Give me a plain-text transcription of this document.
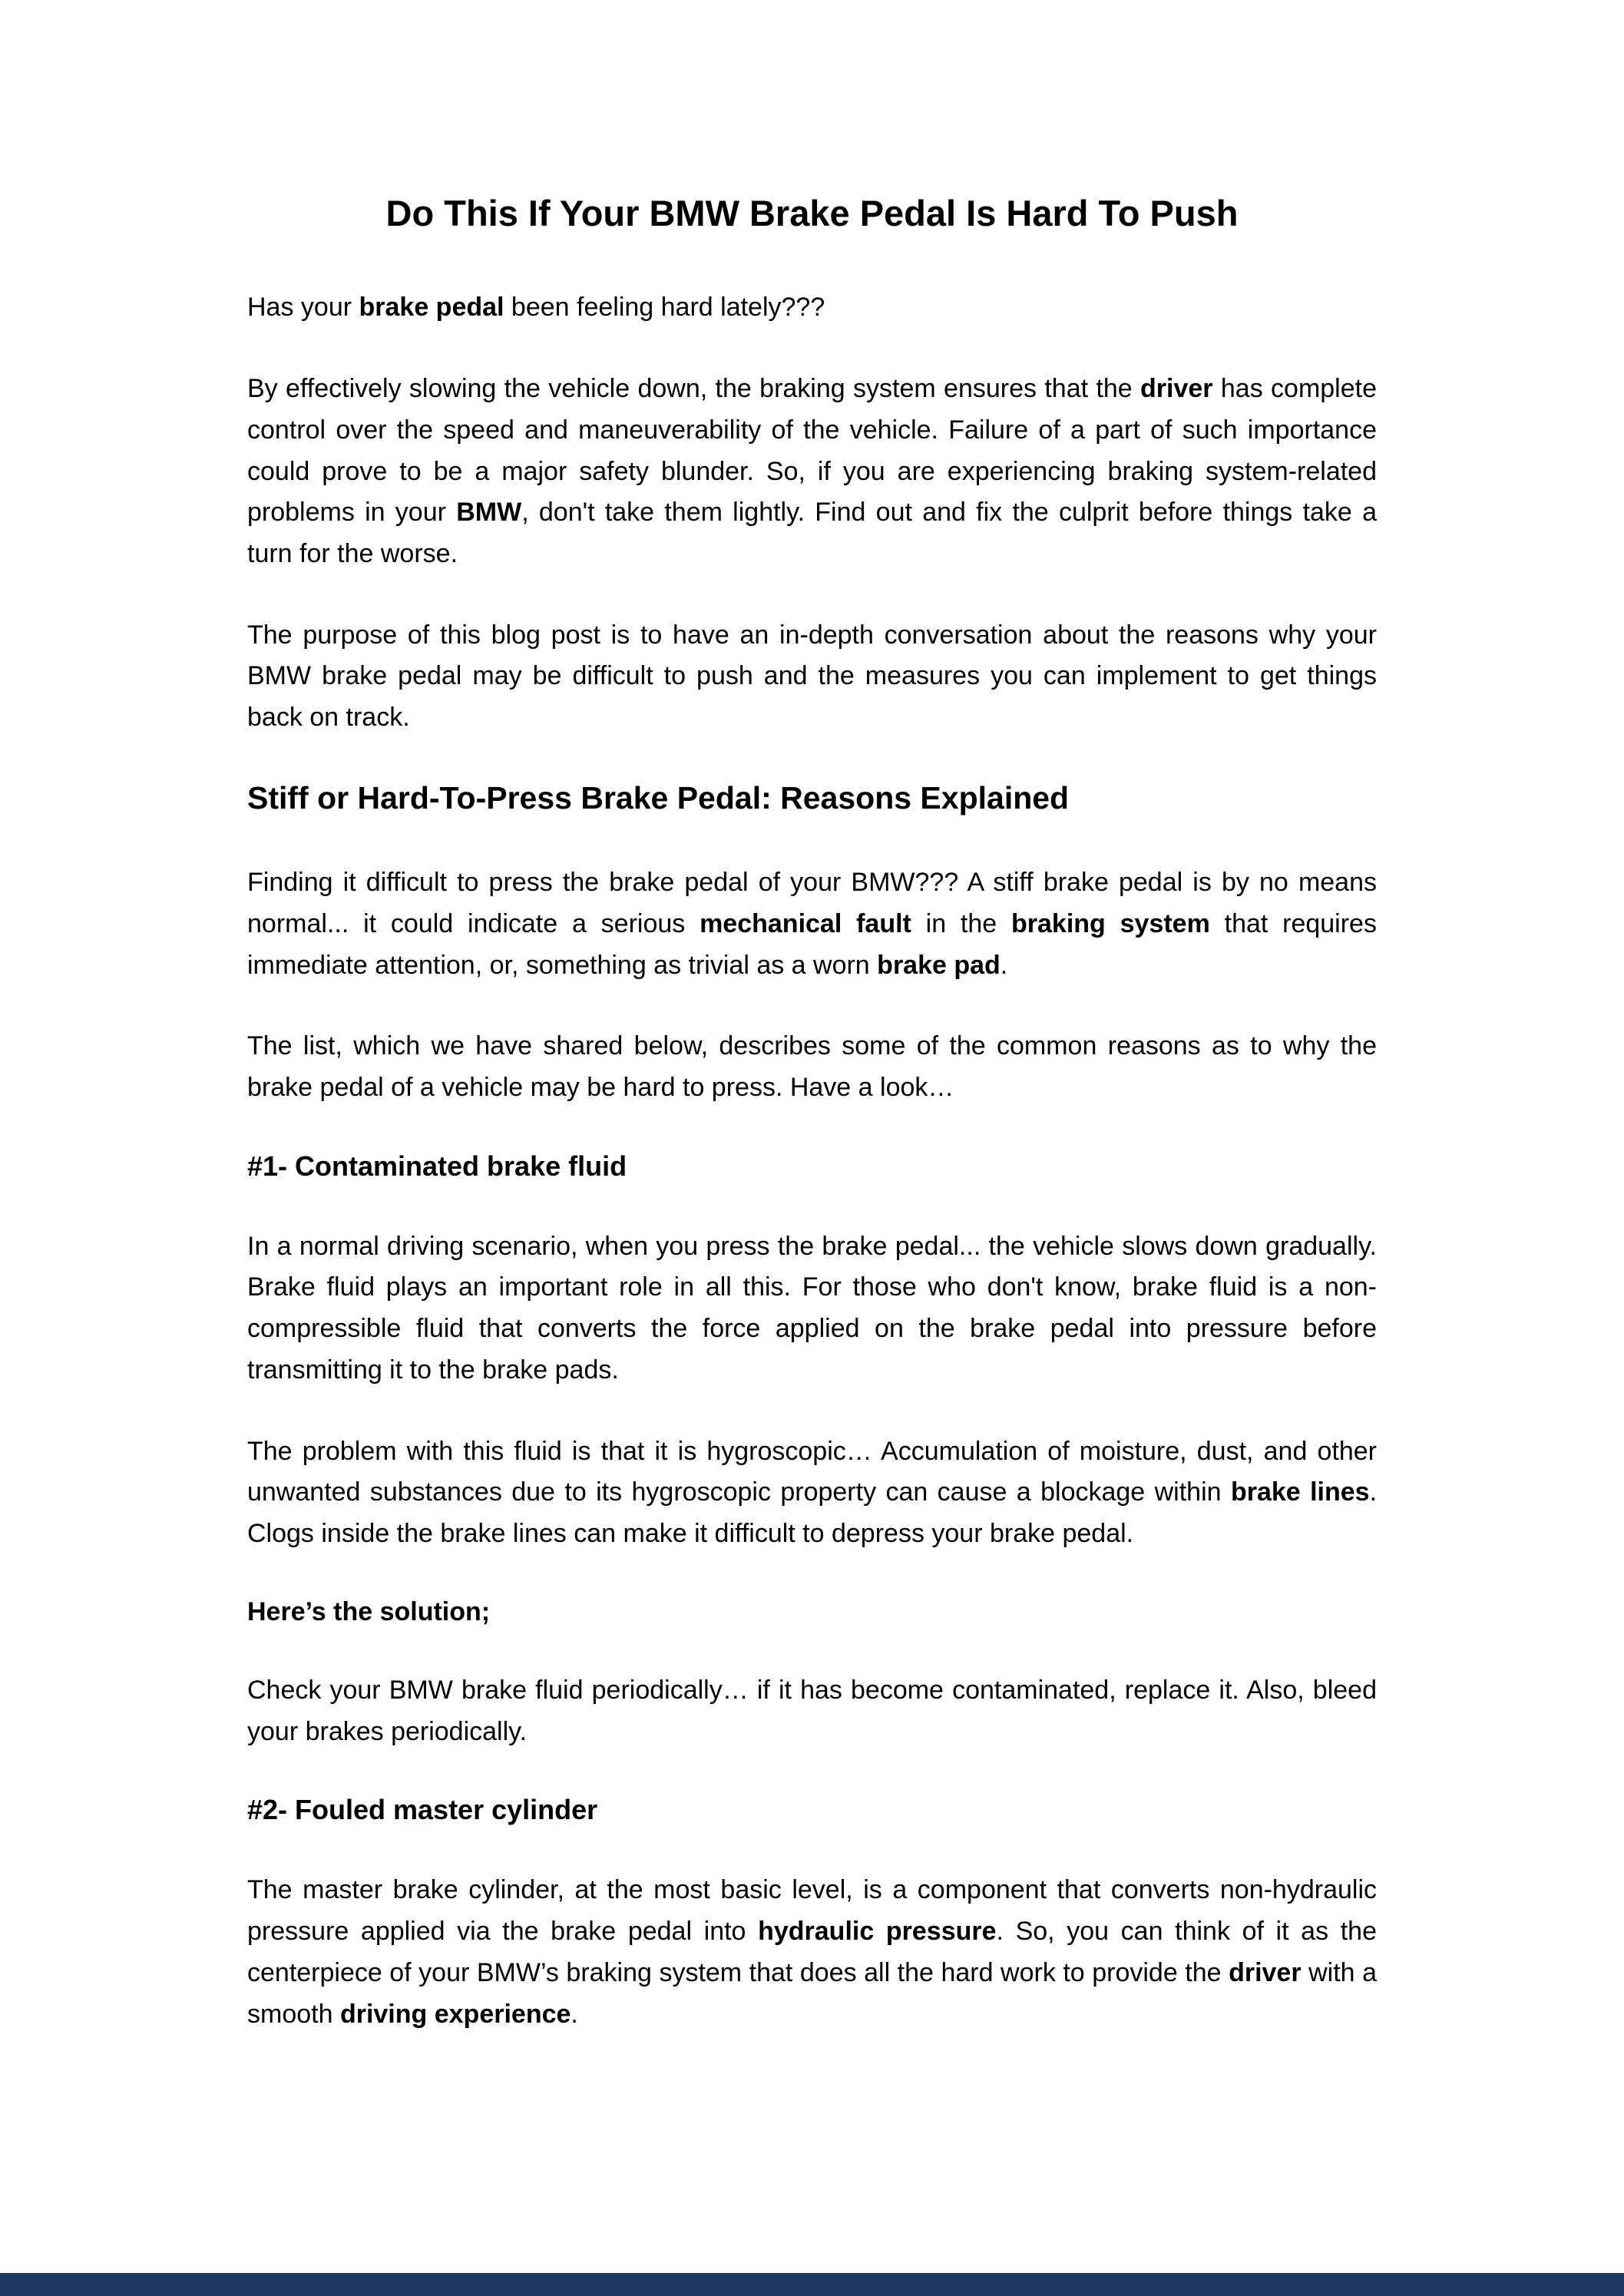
Do This If Your BMW Brake Pedal Is Hard To Push

Has your brake pedal been feeling hard lately???

By effectively slowing the vehicle down, the braking system ensures that the driver has complete control over the speed and maneuverability of the vehicle. Failure of a part of such importance could prove to be a major safety blunder. So, if you are experiencing braking system-related problems in your BMW, don't take them lightly. Find out and fix the culprit before things take a turn for the worse.

The purpose of this blog post is to have an in-depth conversation about the reasons why your BMW brake pedal may be difficult to push and the measures you can implement to get things back on track.

Stiff or Hard-To-Press Brake Pedal: Reasons Explained

Finding it difficult to press the brake pedal of your BMW??? A stiff brake pedal is by no means normal... it could indicate a serious mechanical fault in the braking system that requires immediate attention, or, something as trivial as a worn brake pad.

The list, which we have shared below, describes some of the common reasons as to why the brake pedal of a vehicle may be hard to press. Have a look…

#1- Contaminated brake fluid

In a normal driving scenario, when you press the brake pedal... the vehicle slows down gradually. Brake fluid plays an important role in all this. For those who don't know, brake fluid is a non-compressible fluid that converts the force applied on the brake pedal into pressure before transmitting it to the brake pads.

The problem with this fluid is that it is hygroscopic… Accumulation of moisture, dust, and other unwanted substances due to its hygroscopic property can cause a blockage within brake lines. Clogs inside the brake lines can make it difficult to depress your brake pedal.

Here’s the solution;

Check your BMW brake fluid periodically… if it has become contaminated, replace it. Also, bleed your brakes periodically.

#2- Fouled master cylinder

The master brake cylinder, at the most basic level, is a component that converts non-hydraulic pressure applied via the brake pedal into hydraulic pressure. So, you can think of it as the centerpiece of your BMW’s braking system that does all the hard work to provide the driver with a smooth driving experience.
